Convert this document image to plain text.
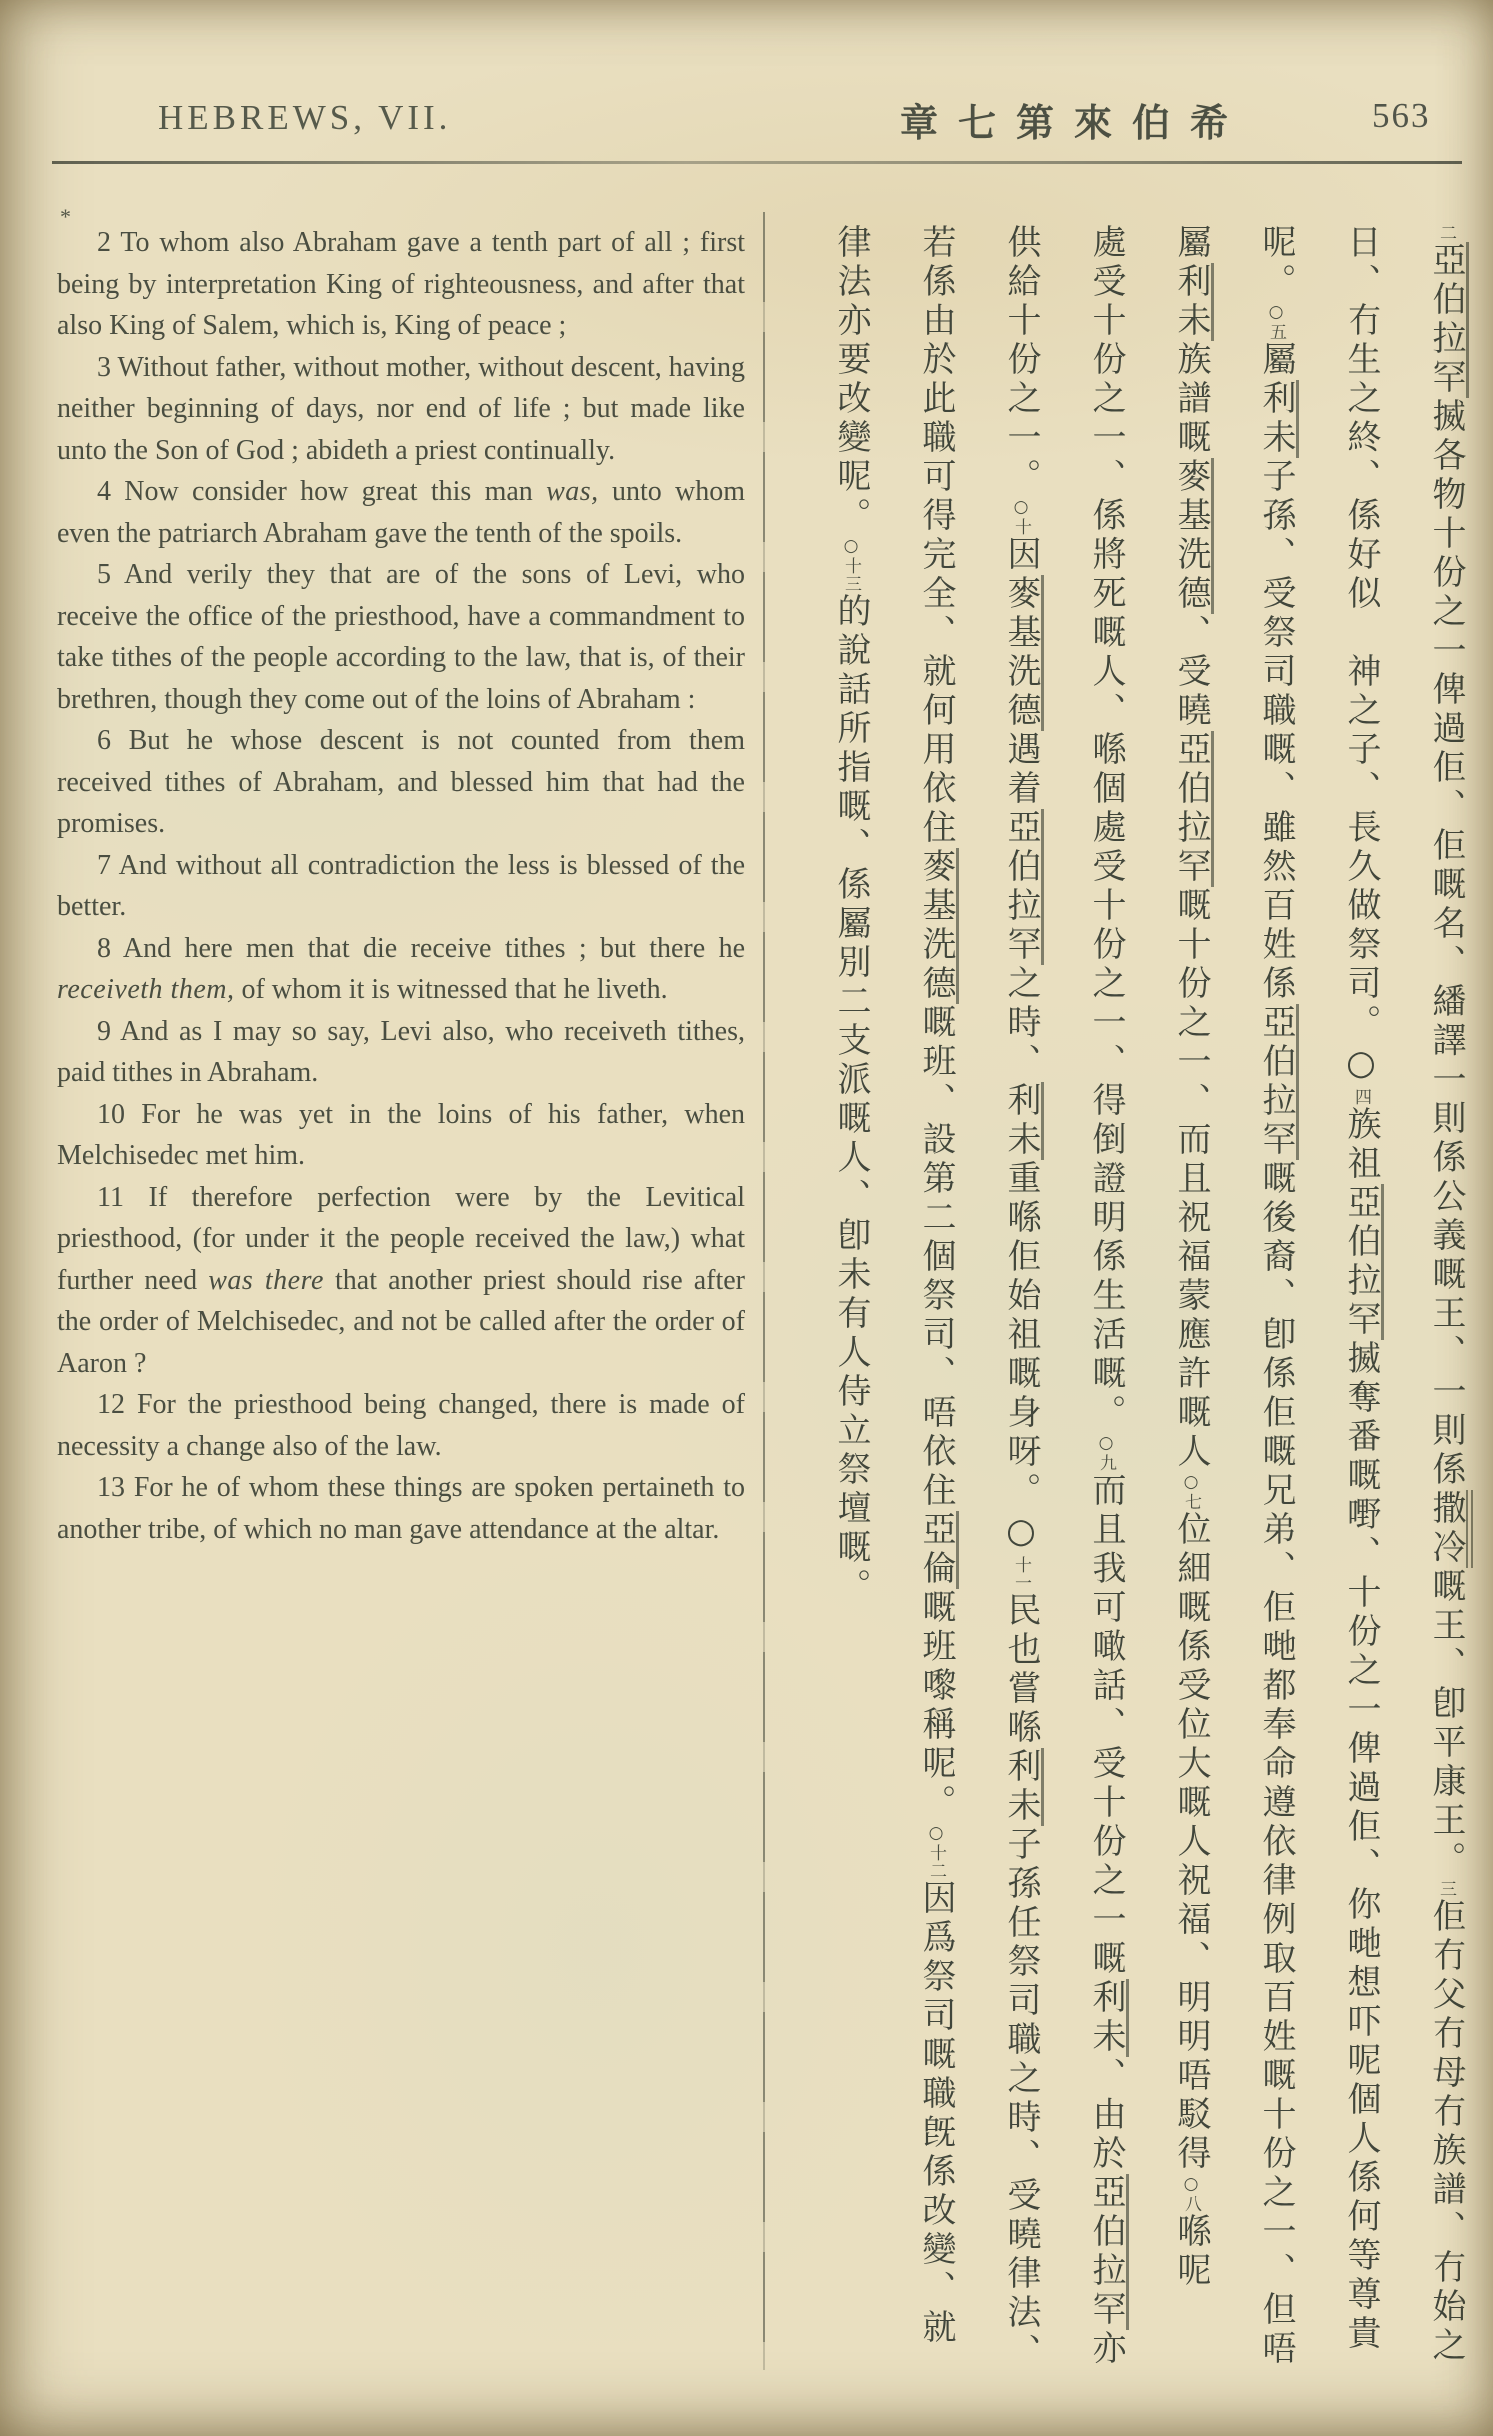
HEBREWS, VII.	章七第來伯希	563
*

2 To whom also Abraham gave a tenth part of all ; first being by interpretation King of righteousness, and after that also King of Salem, which is, King of peace ;

3 Without father, without mother, without descent, having neither beginning of days, nor end of life ; but made like unto the Son of God ; abideth a priest continually.

4 Now consider how great this man was, unto whom even the patriarch Abraham gave the tenth of the spoils.

5 And verily they that are of the sons of Levi, who receive the office of the priesthood, have a commandment to take tithes of the people according to the law, that is, of their brethren, though they come out of the loins of Abraham :

6 But he whose descent is not counted from them received tithes of Abraham, and blessed him that had the promises.

7 And without all contradiction the less is blessed of the better.

8 And here men that die receive tithes ; but there he receiveth them, of whom it is witnessed that he liveth.

9 And as I may so say, Levi also, who receiveth tithes, paid tithes in Abraham.

10 For he was yet in the loins of his father, when Melchisedec met him.

11 If therefore perfection were by the Levitical priesthood, (for under it the people received the law,) what further need was there that another priest should rise after the order of Melchisedec, and not be called after the order of Aaron ?

12 For the priesthood being changed, there is made of necessity a change also of the law.

13 For he of whom these things are spoken pertaineth to another tribe, of which no man gave attendance at the altar.

二亞伯拉罕揻各物十份之一俾過佢、佢嘅名、繙譯一則係公義嘅王、一則係撒冷嘅王、卽平康王。三佢冇父冇母冇族譜、冇始之
日、冇生之終、係好似　神之子、長久做祭司。○四族祖亞伯拉罕揻奪番嘅嘢、十份之一俾過佢、你哋想吓呢個人係何等尊貴
呢。○五屬利未子孫、受祭司職嘅、雖然百姓係亞伯拉罕嘅後裔、卽係佢嘅兄弟、佢哋都奉命遵依律例取百姓嘅十份之一、但唔
屬利未族譜嘅麥基洗德、受曉亞伯拉罕嘅十份之一、而且祝福蒙應許嘅人○七位細嘅係受位大嘅人祝福、明明唔駁得○八喺呢
處受十份之一、係將死嘅人、喺個處受十份之一、得倒證明係生活嘅。○九而且我可噉話、受十份之一嘅利未、由於亞伯拉罕亦
供給十份之一。○十因麥基洗德遇着亞伯拉罕之時、利未重喺佢始祖嘅身呀。○十一民也嘗喺利未子孫任祭司職之時、受曉律法、
若係由於此職可得完全、就何用依住麥基洗德嘅班、設第二個祭司、唔依住亞倫嘅班嚟稱呢。○十二因爲祭司嘅職旣係改變、就
律法亦要改變呢。○十三的說話所指嘅、係屬別二支派嘅人、卽未有人侍立祭壇嘅。
